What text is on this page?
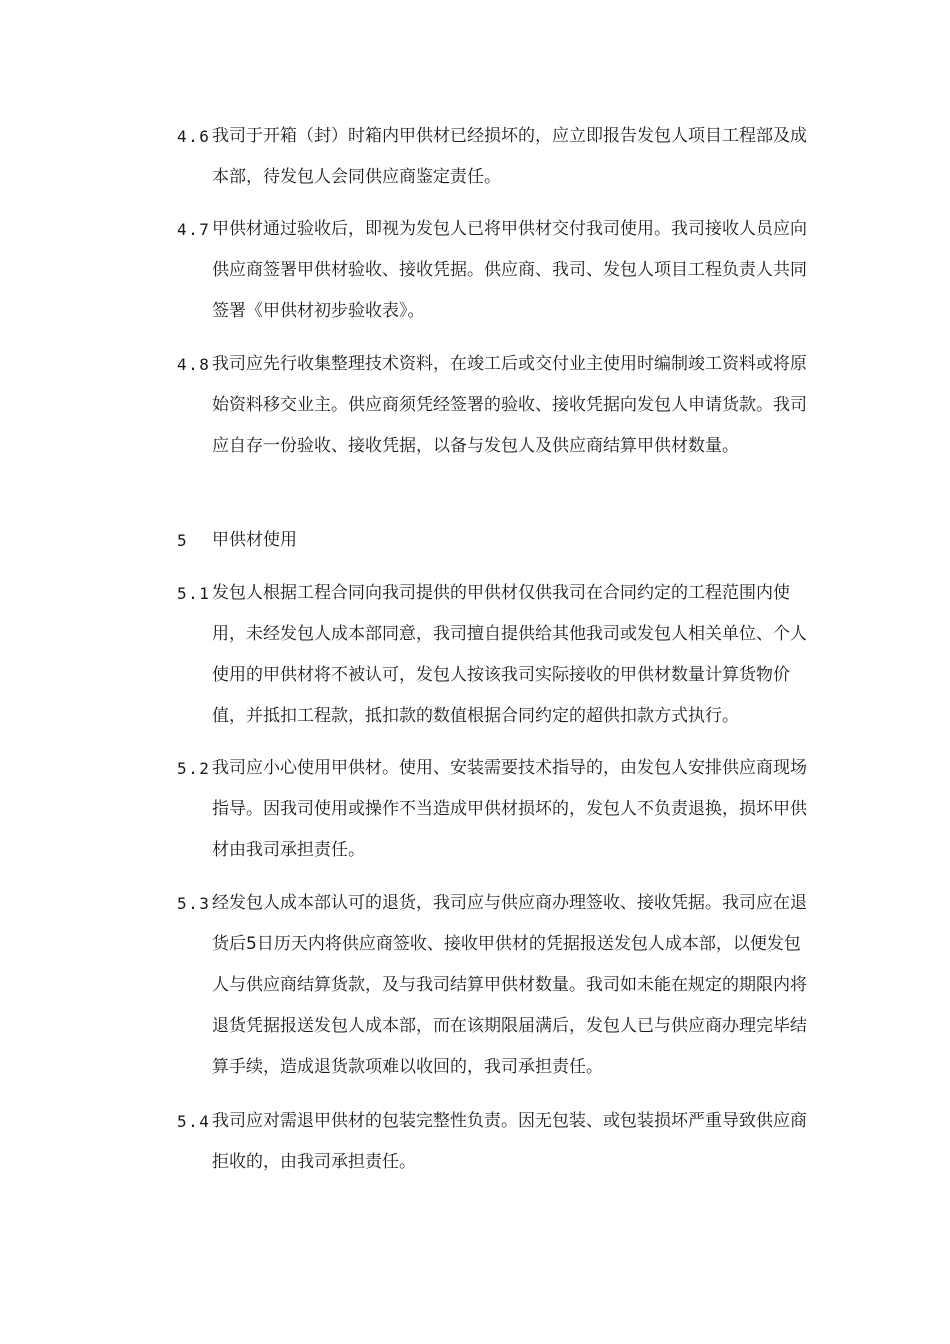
4.6 我司于开箱（封）时箱内甲供材已经损坏的，应立即报告发包人项目工程部及成本部，待发包人会同供应商鉴定责任。
4.7 甲供材通过验收后，即视为发包人已将甲供材交付我司使用。我司接收人员应向供应商签署甲供材验收、接收凭据。供应商、我司、发包人项目工程负责人共同签署《甲供材初步验收表》。
4.8 我司应先行收集整理技术资料，在竣工后或交付业主使用时编制竣工资料或将原始资料移交业主。供应商须凭经签署的验收、接收凭据向发包人申请货款。我司应自存一份验收、接收凭据，以备与发包人及供应商结算甲供材数量。
5 甲供材使用
5.1 发包人根据工程合同向我司提供的甲供材仅供我司在合同约定的工程范围内使用，未经发包人成本部同意，我司擅自提供给其他我司或发包人相关单位、个人使用的甲供材将不被认可，发包人按该我司实际接收的甲供材数量计算货物价值，并抵扣工程款，抵扣款的数值根据合同约定的超供扣款方式执行。
5.2 我司应小心使用甲供材。使用、安装需要技术指导的，由发包人安排供应商现场指导。因我司使用或操作不当造成甲供材损坏的，发包人不负责退换，损坏甲供材由我司承担责任。
5.3 经发包人成本部认可的退货，我司应与供应商办理签收、接收凭据。我司应在退货后5日历天内将供应商签收、接收甲供材的凭据报送发包人成本部，以便发包人与供应商结算货款，及与我司结算甲供材数量。我司如未能在规定的期限内将退货凭据报送发包人成本部，而在该期限届满后，发包人已与供应商办理完毕结算手续，造成退货款项难以收回的，我司承担责任。
5.4 我司应对需退甲供材的包装完整性负责。因无包装、或包装损坏严重导致供应商拒收的，由我司承担责任。
